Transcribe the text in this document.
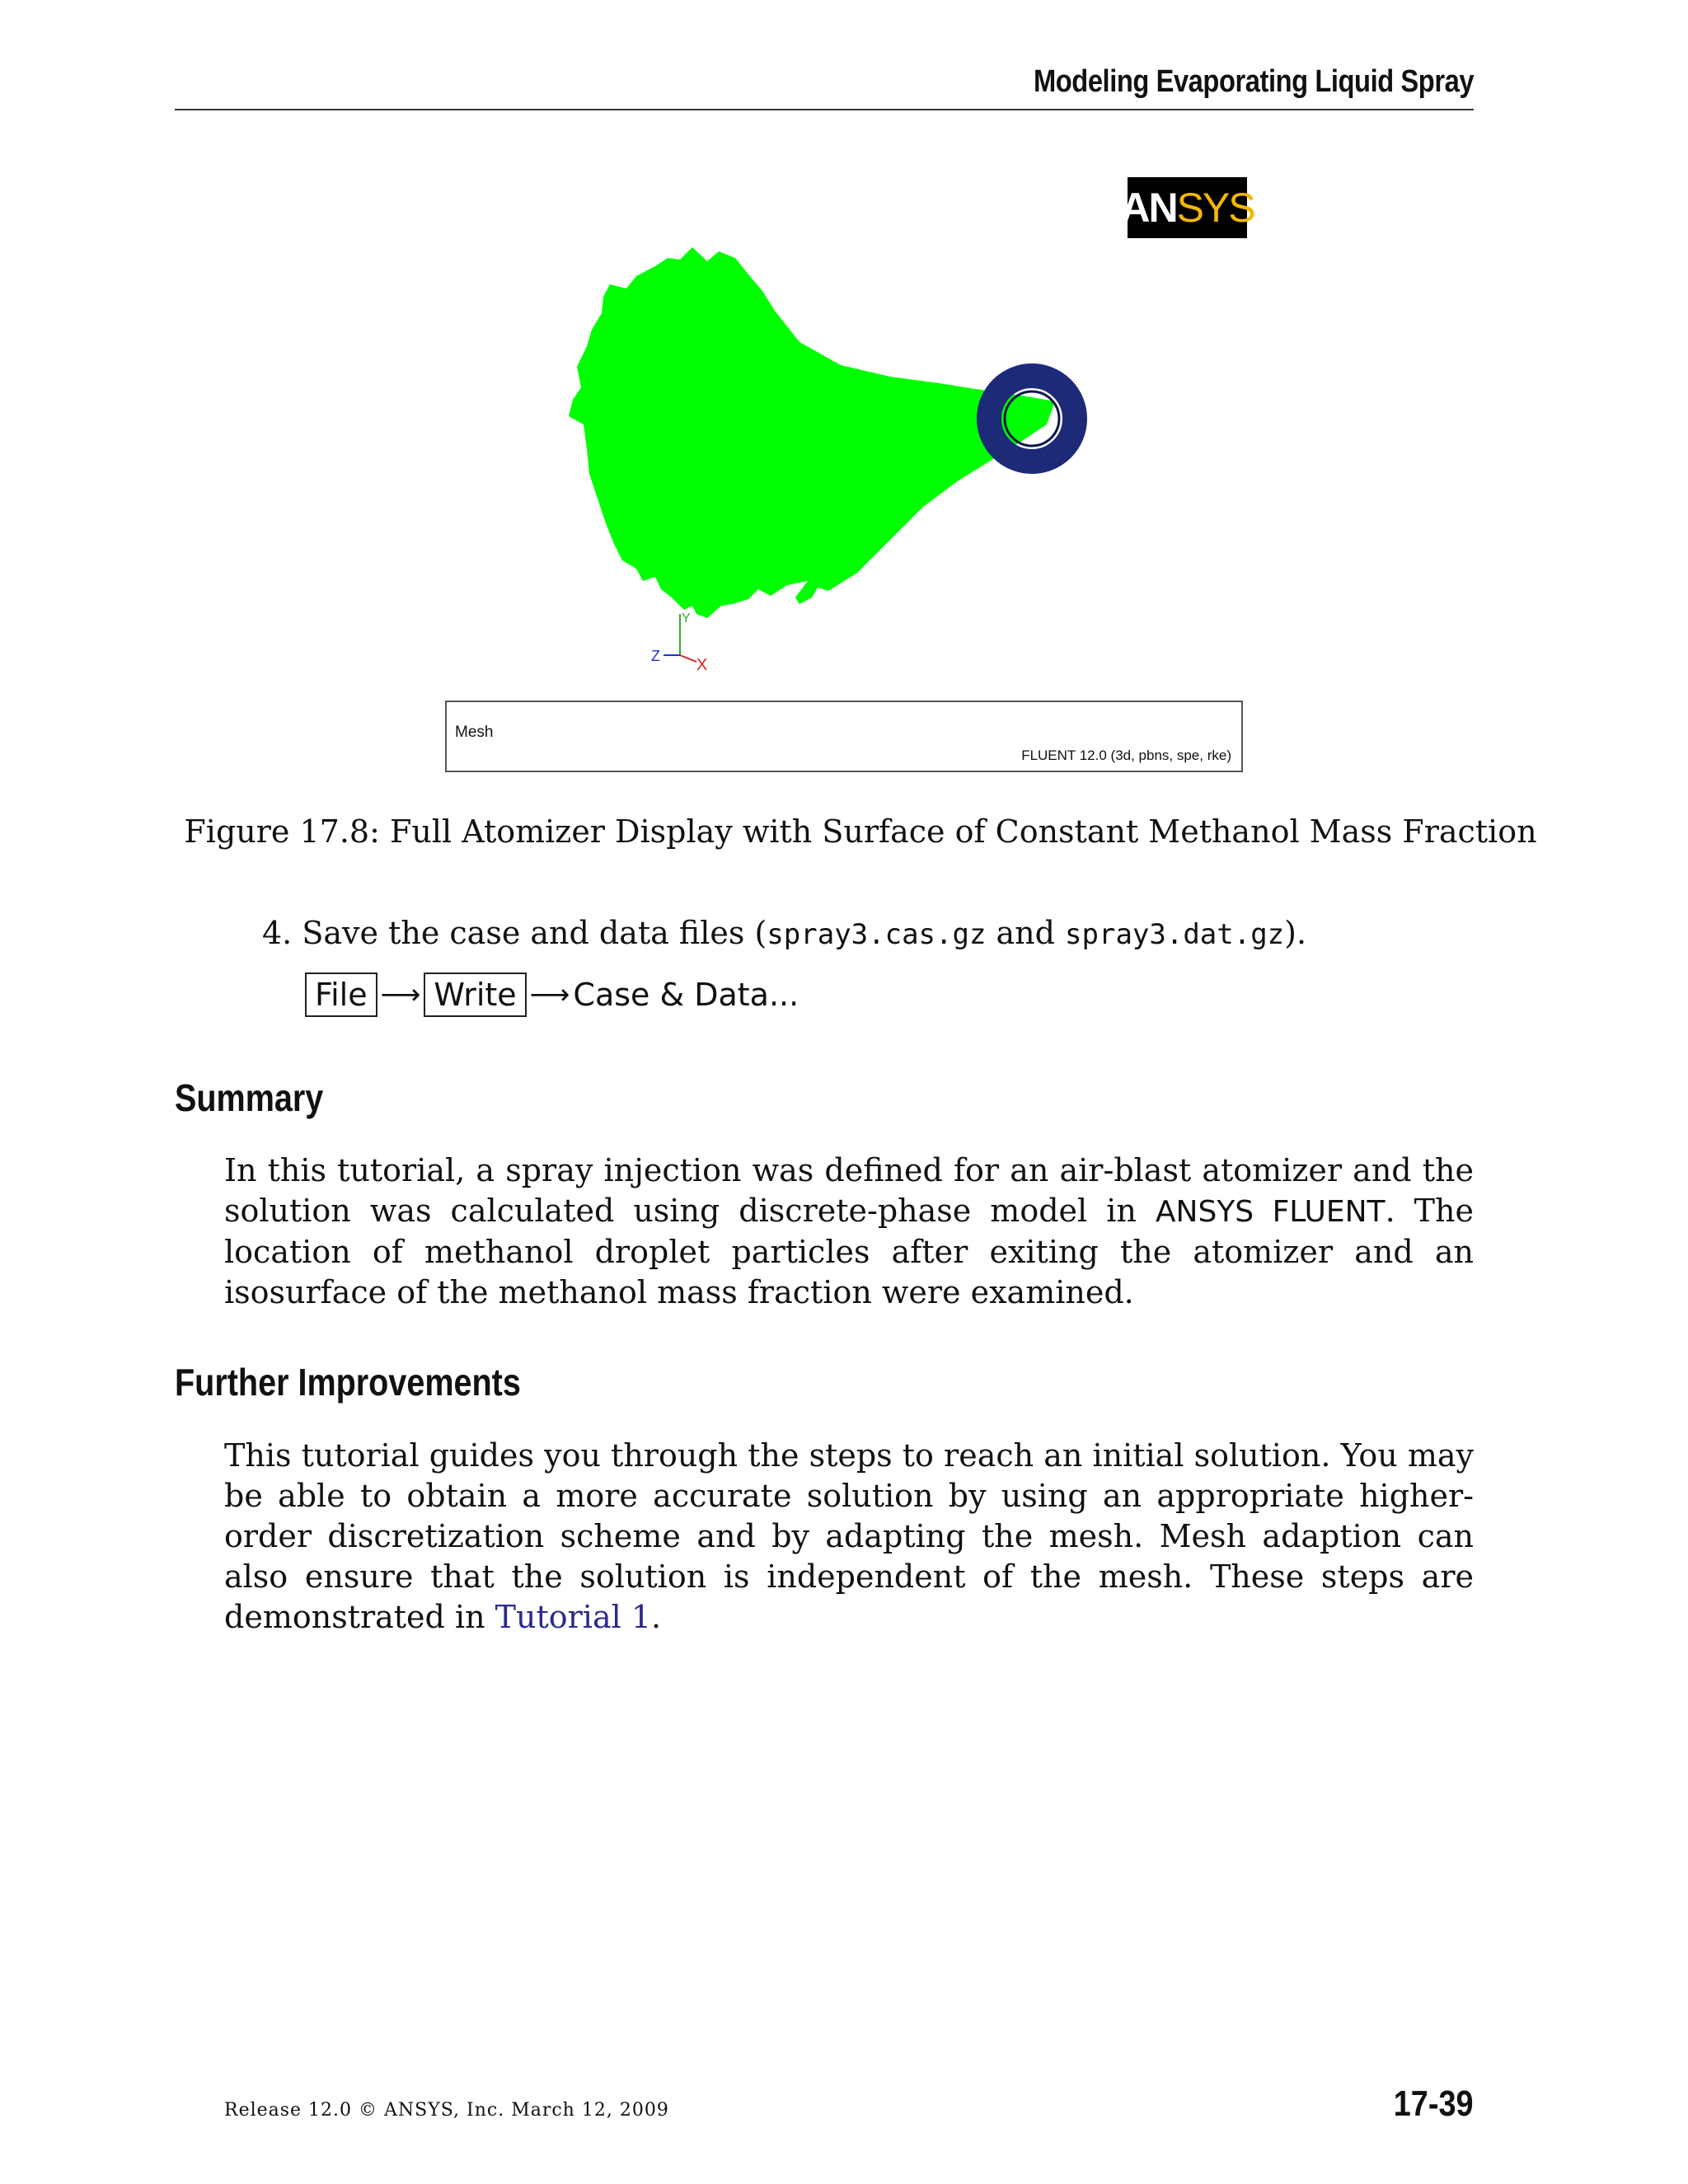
Modeling Evaporating Liquid Spray
AN SYS
Y
Z X
Mesh
FLUENT 12.0 (3d, pbns, spe, rke)
Figure 17.8: Full Atomizer Display with Surface of Constant Methanol Mass Fraction
4. Save the case and data files (spray3.cas.gz and spray3.dat.gz).
File ⟶ Write ⟶ Case & Data...
Summary
In this tutorial, a spray injection was defined for an air-blast atomizer and the solution was calculated using discrete-phase model in ANSYS FLUENT. The location of methanol droplet particles after exiting the atomizer and an isosurface of the methanol mass fraction were examined.
Further Improvements
This tutorial guides you through the steps to reach an initial solution. You may be able to obtain a more accurate solution by using an appropriate higher-order discretization scheme and by adapting the mesh. Mesh adaption can also ensure that the solution is independent of the mesh. These steps are demonstrated in Tutorial 1.
Release 12.0 © ANSYS, Inc. March 12, 2009	17-39
